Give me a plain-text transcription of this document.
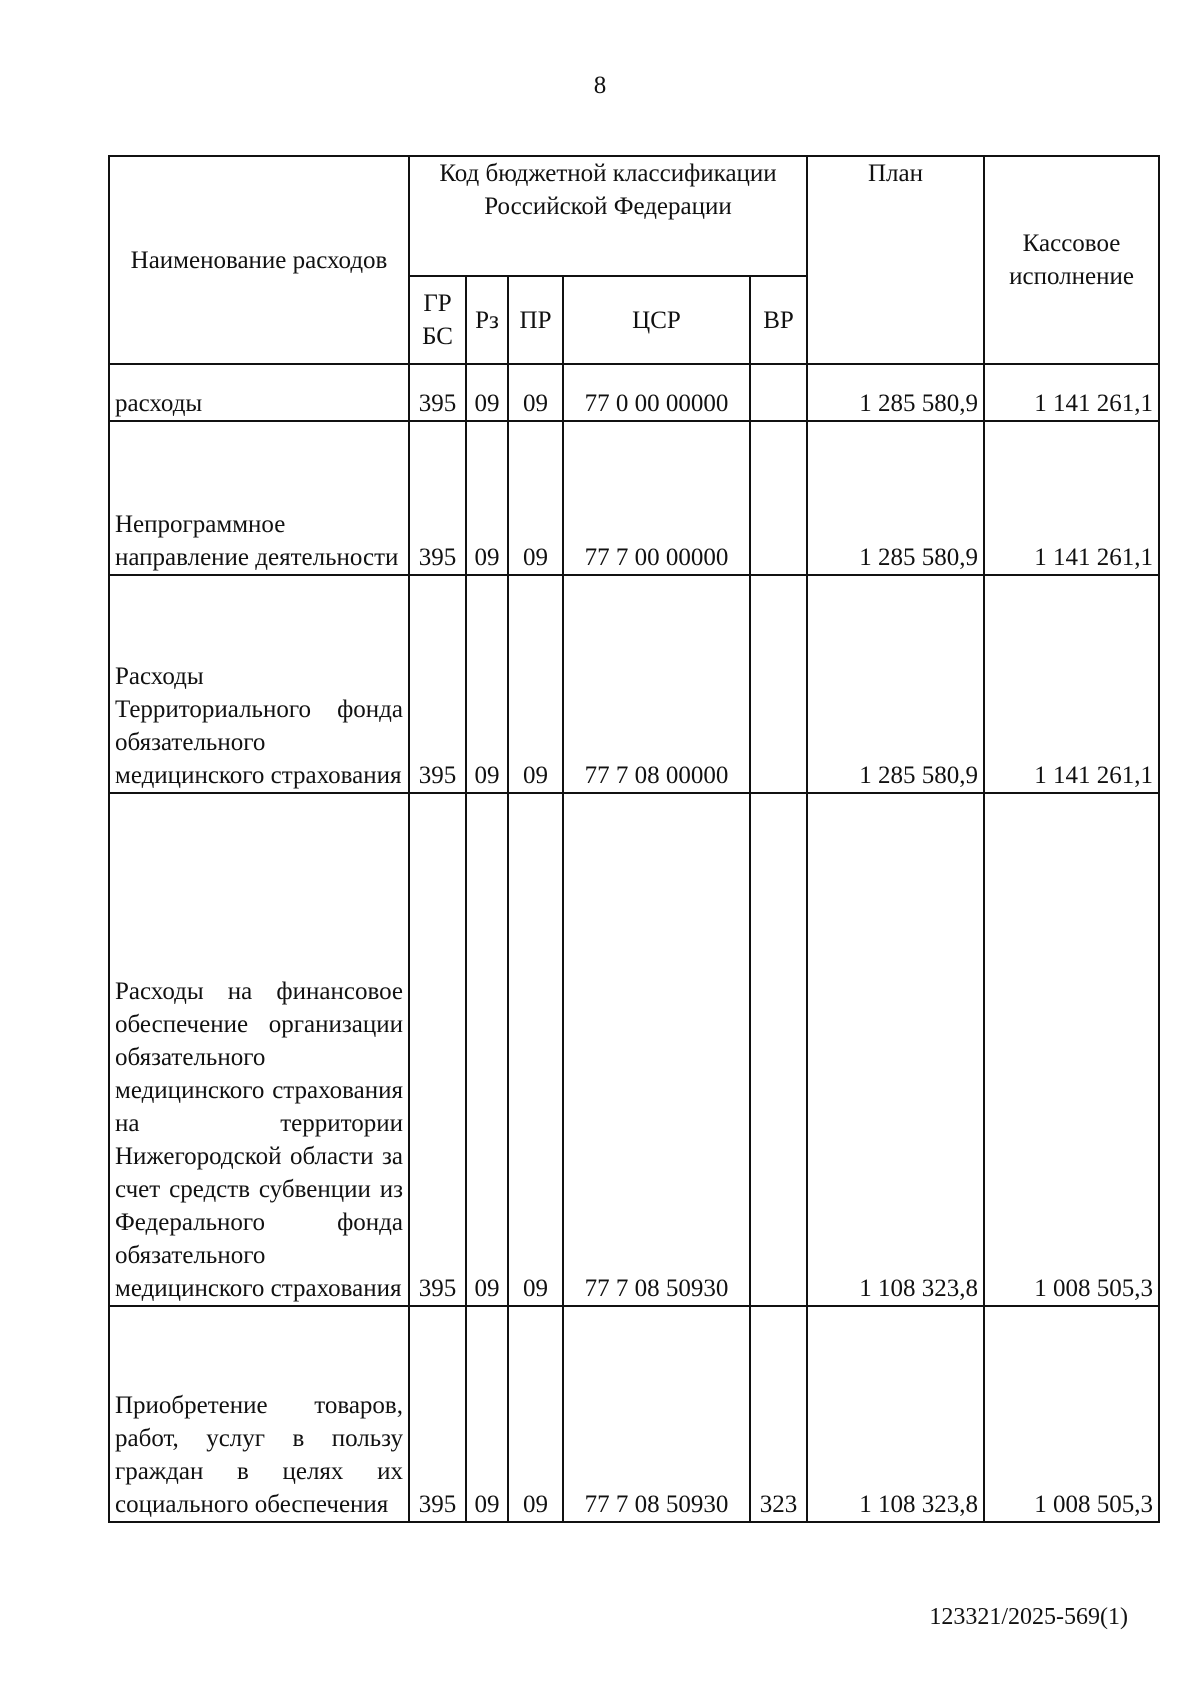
8
Наименование расходов	Код бюджетной классификации Российской Федерации					План	Кассовое исполнение
	ГР БС	Рз	ПР	ЦСР	ВР		
расходы	395	09	09	77 0 00 00000		1 285 580,9	1 141 261,1
Непрограммное направление деятельности	395	09	09	77 7 00 00000		1 285 580,9	1 141 261,1
Расходы Территориального фонда обязательного медицинского страхования	395	09	09	77 7 08 00000		1 285 580,9	1 141 261,1
Расходы на финансовое обеспечение организации обязательного медицинского страхования на территории Нижегородской области за счет средств субвенции из Федерального фонда обязательного медицинского страхования	395	09	09	77 7 08 50930		1 108 323,8	1 008 505,3
Приобретение товаров, работ, услуг в пользу граждан в целях их социального обеспечения	395	09	09	77 7 08 50930	323	1 108 323,8	1 008 505,3
123321/2025-569(1)
